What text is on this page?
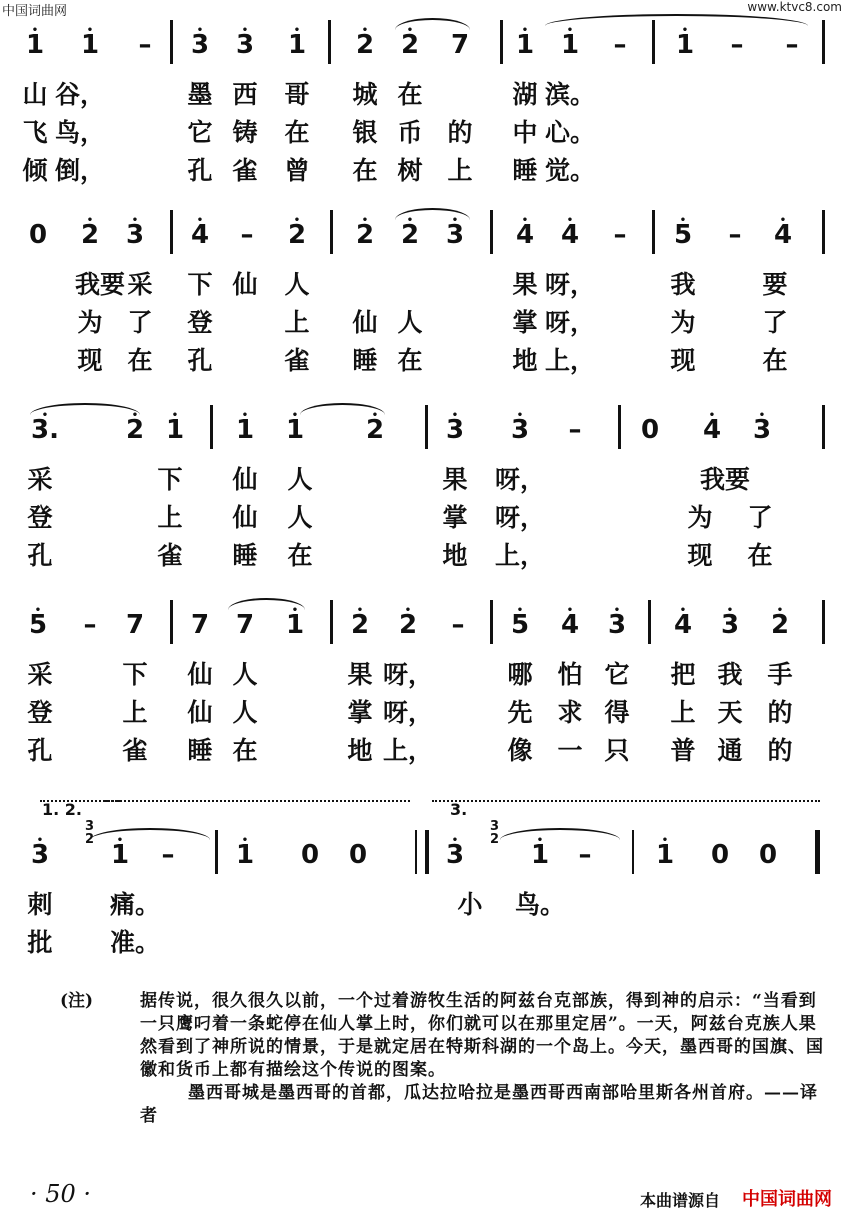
中国词曲网	www.ktvc8.com
• 1 • 1 – • 3 • 3 • 1 • 2 • 2 7 • 1 • 1 – • 1 – –
山 谷，	墨 西 哥 城 在	湖 滨。
飞 鸟，	它 铸 在 银 币 的 中 心。
倾 倒，	孔 雀 曾 在 树 上 睡 觉。
0 • 2 • 3 • 4 – • 2 • 2 • 2 • 3 • 4 • 4 – • 5 – • 4
我要 采 下 仙 人	果 呀，	我	要
为 了 登	上 仙 人	掌 呀，	为	了
现 在 孔	雀 睡 在	地 上，	现	在
• 3.	• 2 • 1 • 1 • 1 • 2 • 3 • 3 – 0 • 4 • 3
采	下 仙 人	果 呀，	我要
登	上 仙 人	掌 呀，	为 了
孔	雀 睡 在	地 上，	现 在
• 5 – 7 7 7 • 1 • 2 • 2 – • 5 • 4 • 3 • 4 • 3 • 2
采	下 仙 人	果 呀，	哪 怕 它 把 我 手
登	上 仙 人	掌 呀，	先 求 得 上 天 的
孔	雀 睡 在	地 上，	像 一 只 普 通 的
• 3 • 1 – • 1 0 0	• 3	• 1 – • 1 0 0
1. 2.	3.
3
2
3
2
刺 痛。	小 鸟。
批 准。
(注)	据传说，很久很久以前，一个过着游牧生活的阿兹台克部族，得到神的启示：“当看到一只鹰叼着一条蛇停在仙人掌上时，你们就可以在那里定居”。一天，阿兹台克族人果然看到了神所说的情景，于是就定居在特斯科湖的一个岛上。今天，墨西哥的国旗、国徽和货币上都有描绘这个传说的图案。
墨西哥城是墨西哥的首都，瓜达拉哈拉是墨西哥西南部哈里斯各州首府。——译者
· 50 ·	本曲谱源自 中国词曲网
